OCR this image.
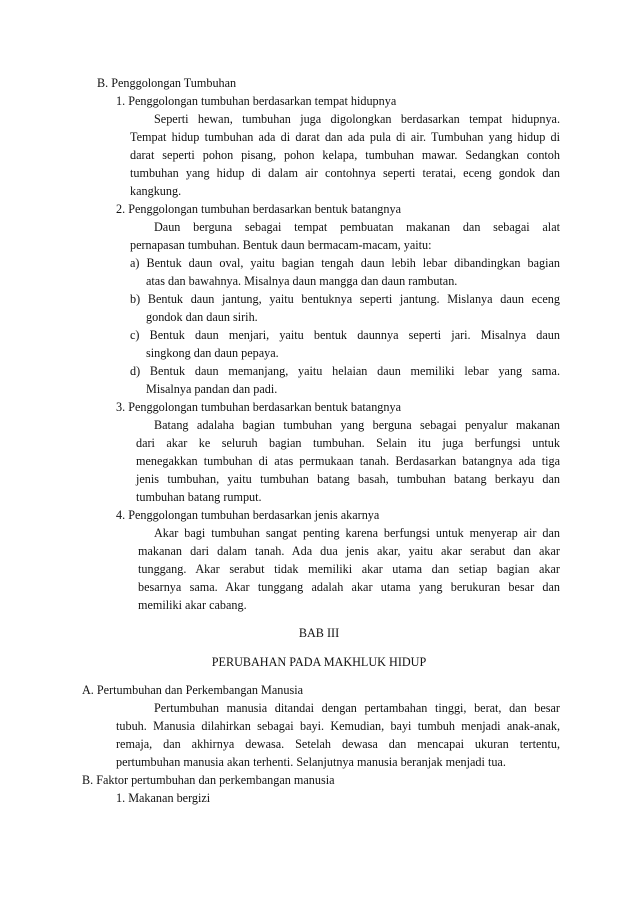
B. Penggolongan Tumbuhan
1. Penggolongan tumbuhan berdasarkan tempat hidupnya
Seperti hewan, tumbuhan juga digolongkan berdasarkan tempat hidupnya.
Tempat hidup tumbuhan ada di darat dan ada pula di air. Tumbuhan yang hidup di
darat seperti pohon pisang, pohon kelapa, tumbuhan mawar. Sedangkan contoh
tumbuhan yang hidup di dalam air contohnya seperti teratai, eceng gondok dan
kangkung.
2. Penggolongan tumbuhan berdasarkan bentuk batangnya
Daun berguna sebagai tempat pembuatan makanan dan sebagai alat
pernapasan tumbuhan. Bentuk daun bermacam-macam, yaitu:
a) Bentuk daun oval, yaitu bagian tengah daun lebih lebar dibandingkan bagian
atas dan bawahnya. Misalnya daun mangga dan daun rambutan.
b) Bentuk daun jantung, yaitu bentuknya seperti jantung. Mislanya daun eceng
gondok dan daun sirih.
c) Bentuk daun menjari, yaitu bentuk daunnya seperti jari. Misalnya daun
singkong dan daun pepaya.
d) Bentuk daun memanjang, yaitu helaian daun memiliki lebar yang sama.
Misalnya pandan dan padi.
3. Penggolongan tumbuhan berdasarkan bentuk batangnya
Batang adalaha bagian tumbuhan yang berguna sebagai penyalur makanan
dari akar ke seluruh bagian tumbuhan. Selain itu juga berfungsi untuk
menegakkan tumbuhan di atas permukaan tanah. Berdasarkan batangnya ada tiga
jenis tumbuhan, yaitu tumbuhan batang basah, tumbuhan batang berkayu dan
tumbuhan batang rumput.
4. Penggolongan tumbuhan berdasarkan jenis akarnya
Akar bagi tumbuhan sangat penting karena berfungsi untuk menyerap air dan
makanan dari dalam tanah. Ada dua jenis akar, yaitu akar serabut dan akar
tunggang. Akar serabut tidak memiliki akar utama dan setiap bagian akar
besarnya sama. Akar tunggang adalah akar utama yang berukuran besar dan
memiliki akar cabang.
BAB III
PERUBAHAN PADA MAKHLUK HIDUP
A. Pertumbuhan dan Perkembangan Manusia
Pertumbuhan manusia ditandai dengan pertambahan tinggi, berat, dan besar
tubuh. Manusia dilahirkan sebagai bayi. Kemudian, bayi tumbuh menjadi anak-anak,
remaja, dan akhirnya dewasa. Setelah dewasa dan mencapai ukuran tertentu,
pertumbuhan manusia akan terhenti. Selanjutnya manusia beranjak menjadi tua.
B. Faktor pertumbuhan dan perkembangan manusia
1. Makanan bergizi
